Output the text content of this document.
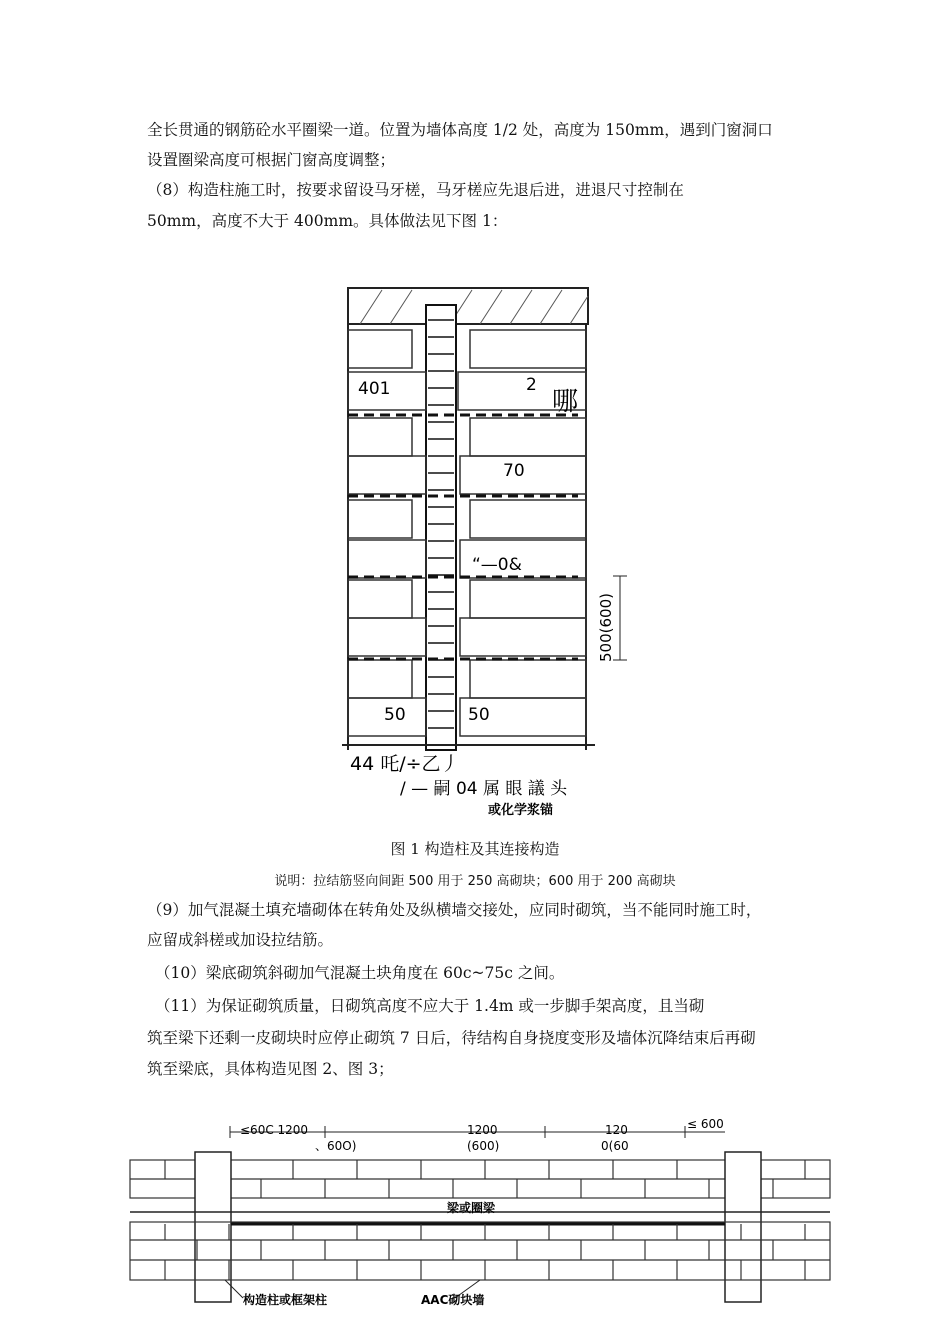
全长贯通的钢筋砼水平圈梁一道。位置为墙体高度 1/2 处，高度为 150mm，遇到门窗洞口
设置圈梁高度可根据门窗高度调整；
（8）构造柱施工时，按要求留设马牙槎，马牙槎应先退后进，进退尺寸控制在
50mm，高度不大于 400mm。具体做法见下图 1：
401	2
哪
70
“—0&
500(600)
50	50
44 吒/÷乙丿
/ — 嗣 04 属 眼 議 头
或化学浆锚
图 1 构造柱及其连接构造
说明：拉结筋竖向间距 500 用于 250 高砌块；600 用于 200 高砌块
（9）加气混凝土填充墙砌体在转角处及纵横墙交接处，应同时砌筑，当不能同时施工时，
应留成斜槎或加设拉结筋。
（10）梁底砌筑斜砌加气混凝土块角度在 60c~75c 之间。
（11）为保证砌筑质量，日砌筑高度不应大于 1.4m 或一步脚手架高度，且当砌
筑至梁下还剩一皮砌块时应停止砌筑 7 日后，待结构自身挠度变形及墙体沉降结束后再砌
筑至梁底，具体构造见图 2、图 3；
≤60C 1200
、60O)
1200
(600)
120
0(60
≤ 600
梁或圈梁
构造柱或框架柱	AAC砌块墙
